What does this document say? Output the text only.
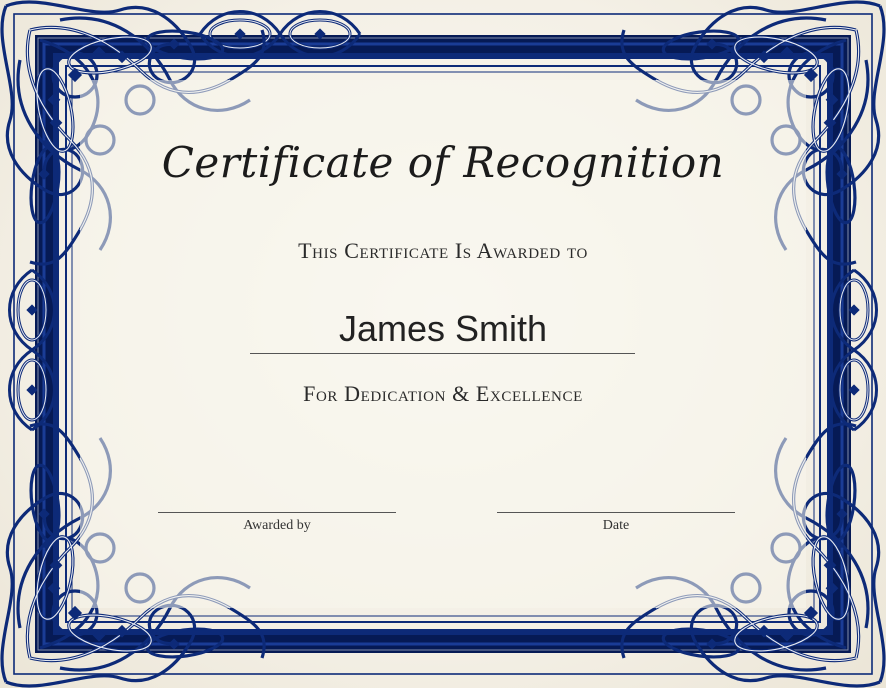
Certificate of Recognition
This Certificate Is Awarded to
James Smith
For Dedication & Excellence
Awarded by	Date
